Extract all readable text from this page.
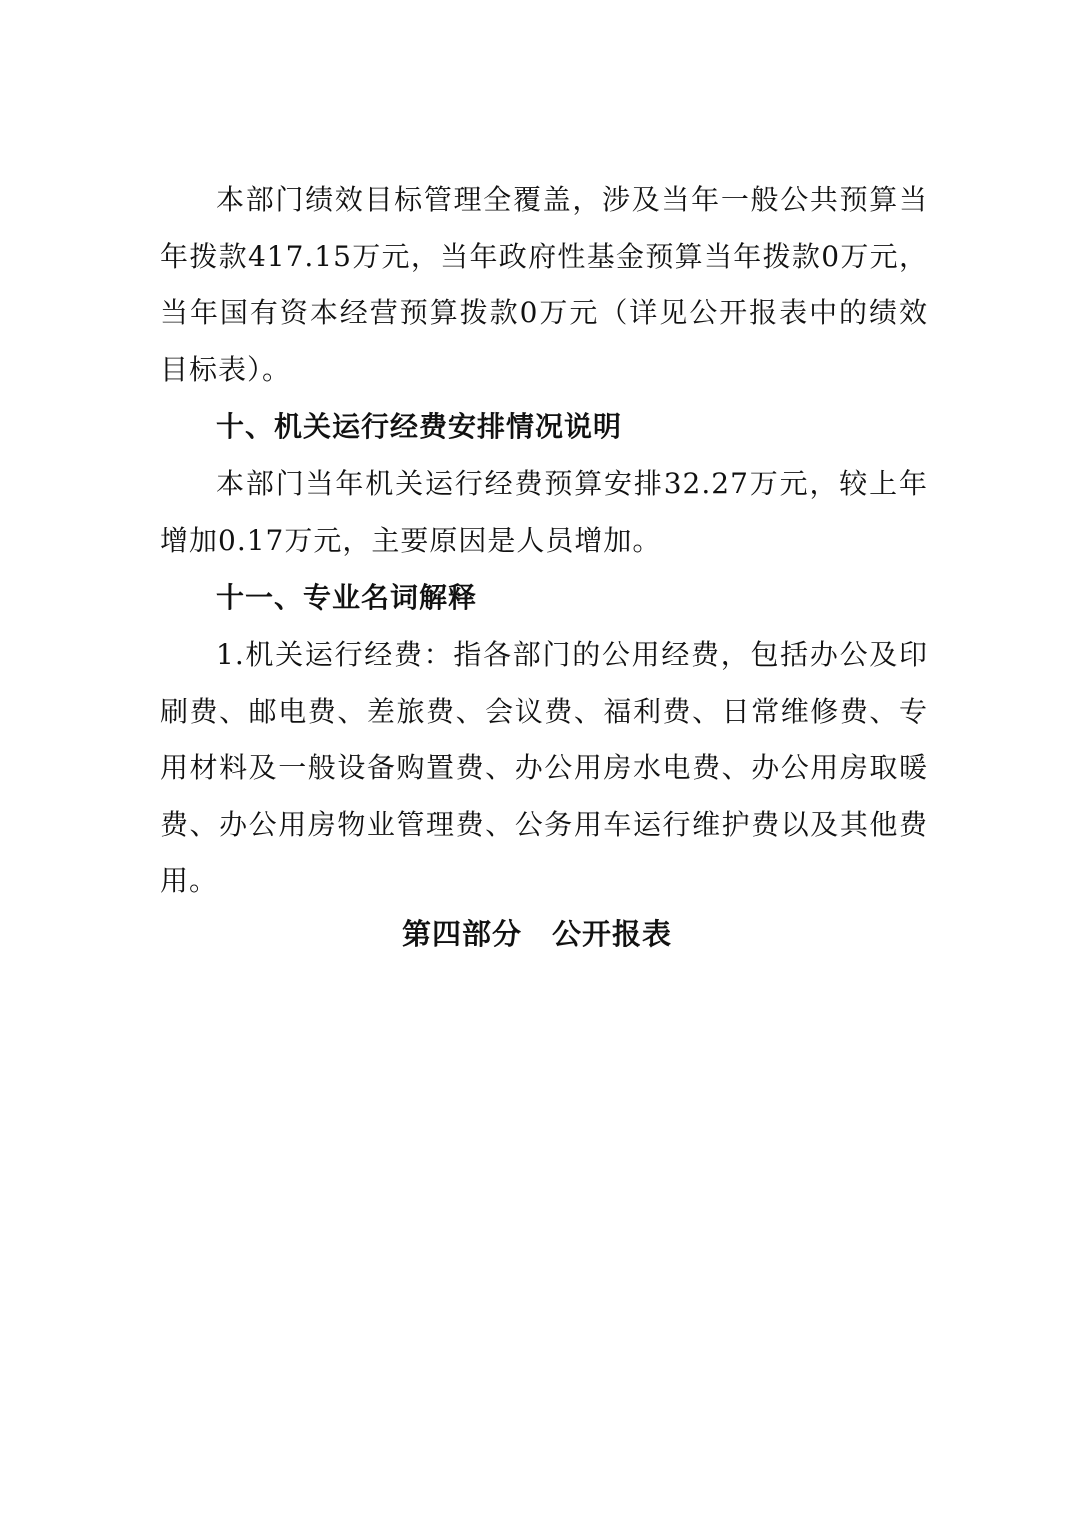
本部门绩效目标管理全覆盖，涉及当年一般公共预算当年拨款417.15万元，当年政府性基金预算当年拨款0万元，当年国有资本经营预算拨款0万元（详见公开报表中的绩效目标表）。

十、机关运行经费安排情况说明

本部门当年机关运行经费预算安排32.27万元，较上年增加0.17万元，主要原因是人员增加。

十一、专业名词解释

1.机关运行经费：指各部门的公用经费，包括办公及印刷费、邮电费、差旅费、会议费、福利费、日常维修费、专用材料及一般设备购置费、办公用房水电费、办公用房取暖费、办公用房物业管理费、公务用车运行维护费以及其他费用。

第四部分　公开报表
